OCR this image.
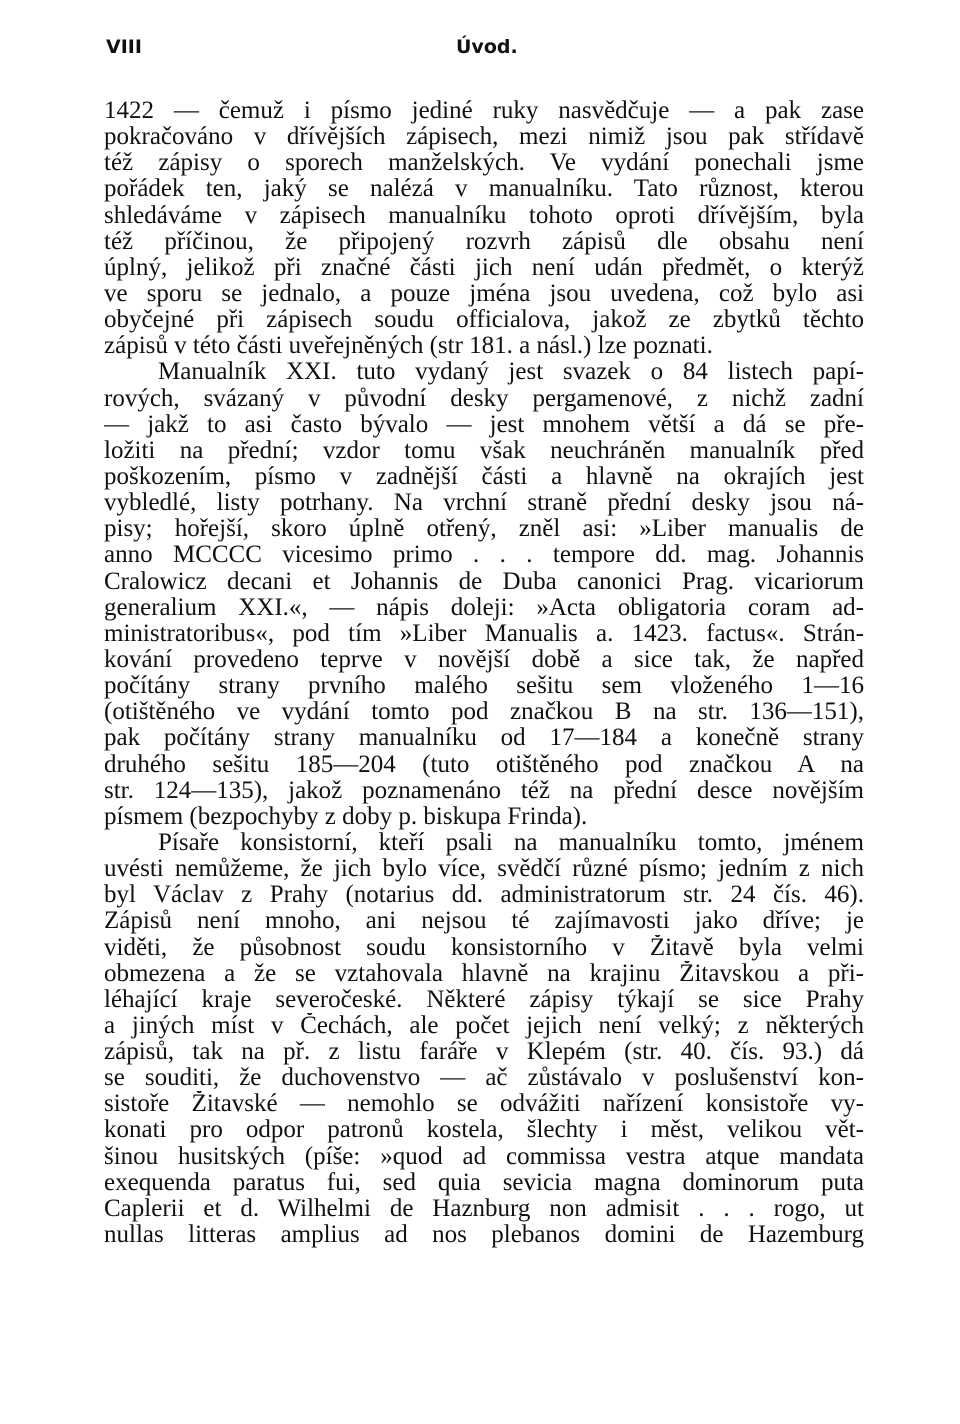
VIII	Úvod.
1422 — čemuž i písmo jediné ruky nasvědčuje — a pak zase
pokračováno v dřívějších zápisech, mezi nimiž jsou pak střídavě
též zápisy o sporech manželských. Ve vydání ponechali jsme
pořádek ten, jaký se nalézá v manualníku. Tato různost, kterou
shledáváme v zápisech manualníku tohoto oproti dřívějším, byla
též příčinou, že připojený rozvrh zápisů dle obsahu není
úplný, jelikož při značné části jich není udán předmět, o kterýž
ve sporu se jednalo, a pouze jména jsou uvedena, což bylo asi
obyčejné při zápisech soudu officialova, jakož ze zbytků těchto
zápisů v této části uveřejněných (str 181. a násl.) lze poznati.
Manualník XXI. tuto vydaný jest svazek o 84 listech papí-
rových, svázaný v původní desky pergamenové, z nichž zadní
— jakž to asi často bývalo — jest mnohem větší a dá se pře-
ložiti na přední; vzdor tomu však neuchráněn manualník před
poškozením, písmo v zadnější části a hlavně na okrajích jest
vybledlé, listy potrhany. Na vrchní straně přední desky jsou ná-
pisy; hořejší, skoro úplně otřený, zněl asi: »Liber manualis de
anno MCCCC vicesimo primo . . . tempore dd. mag. Johannis
Cralowicz decani et Johannis de Duba canonici Prag. vicariorum
generalium XXI.«, — nápis doleji: »Acta obligatoria coram ad-
ministratoribus«, pod tím »Liber Manualis a. 1423. factus«. Strán-
kování provedeno teprve v novější době a sice tak, že napřed
počítány strany prvního malého sešitu sem vloženého 1—16
(otištěného ve vydání tomto pod značkou B na str. 136—151),
pak počítány strany manualníku od 17—184 a konečně strany
druhého sešitu 185—204 (tuto otištěného pod značkou A na
str. 124—135), jakož poznamenáno též na přední desce novějším
písmem (bezpochyby z doby p. biskupa Frinda).
Písaře konsistorní, kteří psali na manualníku tomto, jménem
uvésti nemůžeme, že jich bylo více, svědčí různé písmo; jedním z nich
byl Václav z Prahy (notarius dd. administratorum str. 24 čís. 46).
Zápisů není mnoho, ani nejsou té zajímavosti jako dříve; je
viděti, že působnost soudu konsistorního v Žitavě byla velmi
obmezena a že se vztahovala hlavně na krajinu Žitavskou a při-
léhající kraje severočeské. Některé zápisy týkají se sice Prahy
a jiných míst v Čechách, ale počet jejich není velký; z některých
zápisů, tak na př. z listu faráře v Klepém (str. 40. čís. 93.) dá
se souditi, že duchovenstvo — ač zůstávalo v poslušenství kon-
sistoře Žitavské — nemohlo se odvážiti nařízení konsistoře vy-
konati pro odpor patronů kostela, šlechty i měst, velikou vět-
šinou husitských (píše: »quod ad commissa vestra atque mandata
exequenda paratus fui, sed quia sevicia magna dominorum puta
Caplerii et d. Wilhelmi de Haznburg non admisit . . . rogo, ut
nullas litteras amplius ad nos plebanos domini de Hazemburg
